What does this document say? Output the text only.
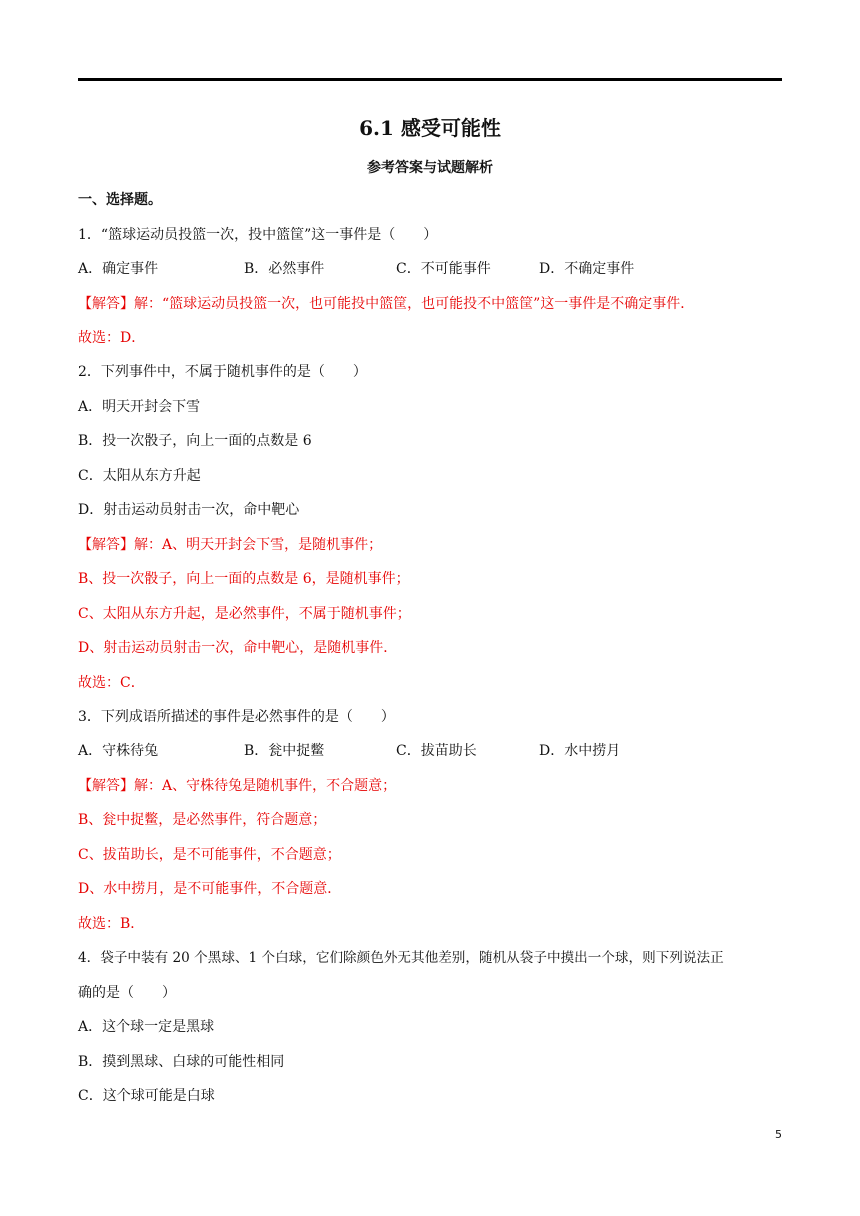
6.1 感受可能性
参考答案与试题解析
一、选择题。
1．“篮球运动员投篮一次，投中篮筐”这一事件是（　　）
A．确定事件	B．必然事件	C．不可能事件	D．不确定事件
【解答】解：“篮球运动员投篮一次，也可能投中篮筐，也可能投不中篮筐”这一事件是不确定事件．
故选：D．
2．下列事件中，不属于随机事件的是（　　）
A．明天开封会下雪
B．投一次骰子，向上一面的点数是 6
C．太阳从东方升起
D．射击运动员射击一次，命中靶心
【解答】解：A、明天开封会下雪，是随机事件；
B、投一次骰子，向上一面的点数是 6，是随机事件；
C、太阳从东方升起，是必然事件，不属于随机事件；
D、射击运动员射击一次，命中靶心，是随机事件．
故选：C．
3．下列成语所描述的事件是必然事件的是（　　）
A．守株待兔	B．瓮中捉鳖	C．拔苗助长	D．水中捞月
【解答】解：A、守株待兔是随机事件，不合题意；
B、瓮中捉鳖，是必然事件，符合题意；
C、拔苗助长，是不可能事件，不合题意；
D、水中捞月，是不可能事件，不合题意．
故选：B．
4．袋子中装有 20 个黑球、1 个白球，它们除颜色外无其他差别，随机从袋子中摸出一个球，则下列说法正
确的是（　　）
A．这个球一定是黑球
B．摸到黑球、白球的可能性相同
C．这个球可能是白球
5
